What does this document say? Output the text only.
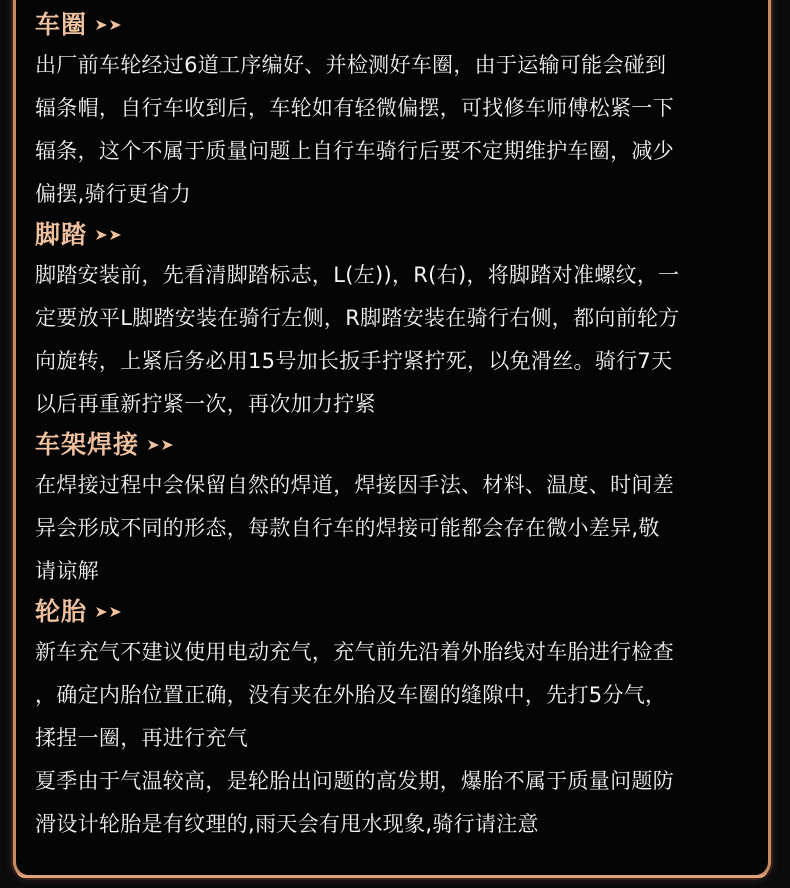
车圈
出厂前车轮经过6道工序编好、并检测好车圈，由于运输可能会碰到
辐条帽，自行车收到后，车轮如有轻微偏摆，可找修车师傅松紧一下
辐条，这个不属于质量问题上自行车骑行后要不定期维护车圈，减少
偏摆,骑行更省力
脚踏
脚踏安装前，先看清脚踏标志，L(左))，R(右)，将脚踏对准螺纹，一
定要放平L脚踏安装在骑行左侧，R脚踏安装在骑行右侧，都向前轮方
向旋转，上紧后务必用15号加长扳手拧紧拧死，以免滑丝。骑行7天
以后再重新拧紧一次，再次加力拧紧
车架焊接
在焊接过程中会保留自然的焊道，焊接因手法、材料、温度、时间差
异会形成不同的形态，每款自行车的焊接可能都会存在微小差异,敬
请谅解
轮胎
新车充气不建议使用电动充气，充气前先沿着外胎线对车胎进行检查
，确定内胎位置正确，没有夹在外胎及车圈的缝隙中，先打5分气，
揉捏一圈，再进行充气
夏季由于气温较高，是轮胎出问题的高发期，爆胎不属于质量问题防
滑设计轮胎是有纹理的,雨天会有甩水现象,骑行请注意
